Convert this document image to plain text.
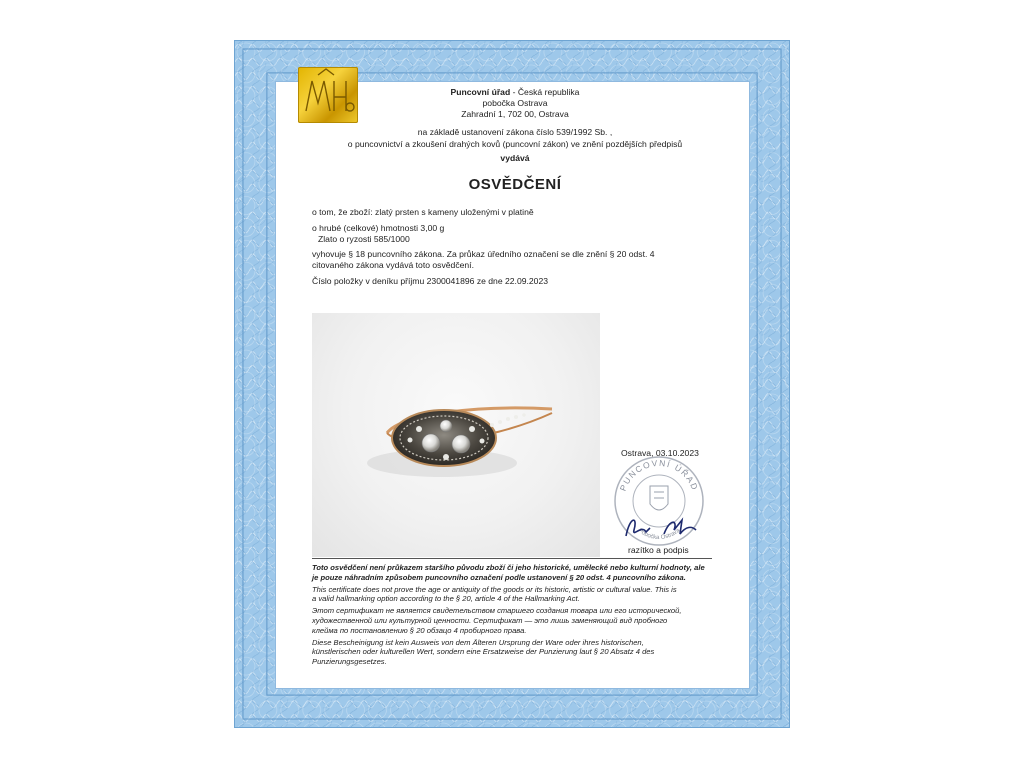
Puncovní úřad - Česká republika
pobočka Ostrava
Zahradní 1, 702 00, Ostrava
na základě ustanovení zákona číslo 539/1992 Sb. ,
o puncovnictví a zkoušení drahých kovů (puncovní zákon) ve znění pozdějších předpisů
vydává
OSVĚDČENÍ
o tom, že zboží: zlatý prsten s kameny uloženými v platině
o hrubé (celkové) hmotnosti 3,00 g
Zlato o ryzosti 585/1000
vyhovuje § 18 puncovního zákona. Za průkaz úředního označení se dle znění § 20 odst. 4
citovaného zákona vydává toto osvědčení.
Číslo položky v deníku příjmu 2300041896 ze dne 22.09.2023
Ostrava, 03.10.2023
PUNCOVNÍ ÚŘAD
Pobočka Ostrava
razítko a podpis

Toto osvědčení není průkazem staršího původu zboží či jeho historické, umělecké nebo kulturní hodnoty, ale
je pouze náhradním způsobem puncovního označení podle ustanovení § 20 odst. 4 puncovního zákona.

This certificate does not prove the age or antiquity of the goods or its historic, artistic or cultural value. This is
a valid hallmarking option according to the § 20, article 4 of the Hallmarking Act.

Этот сертификат не является свидетельством старшего создания товара или его исторической,
художественной или культурной ценности. Сертификат — это лишь заменяющий вид пробного
клейма по постановлению § 20 обзацо 4 пробирного права.

Diese Bescheinigung ist kein Ausweis von dem Älteren Ursprung der Ware oder ihres historischen,
künstlerischen oder kulturellen Wert, sondern eine Ersatzweise der Punzierung laut § 20 Absatz 4 des
Punzierungsgesetzes.
